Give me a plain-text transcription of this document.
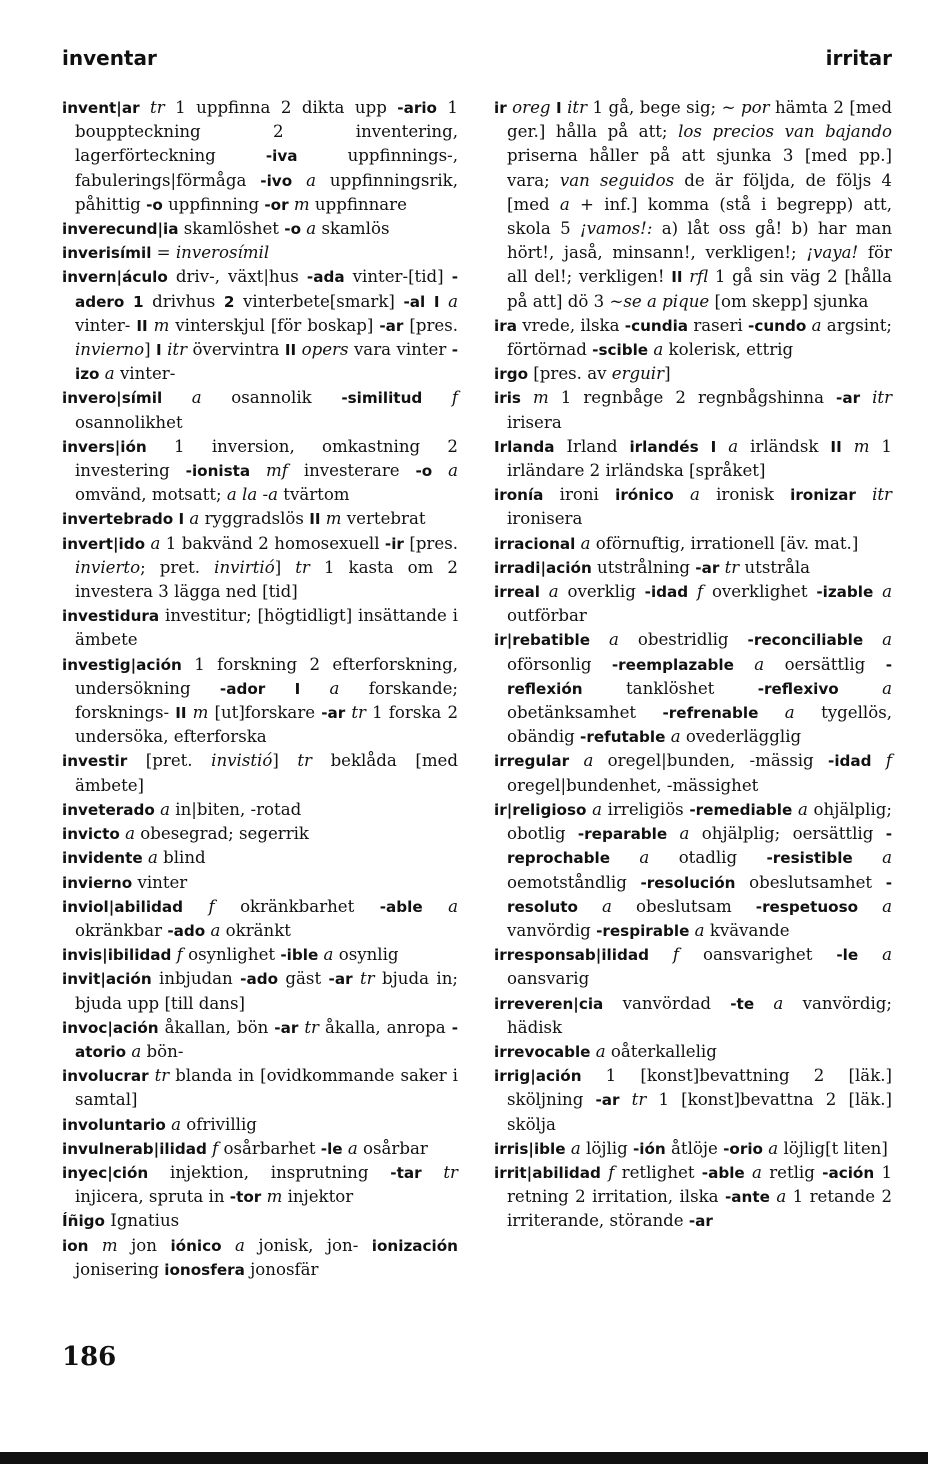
inventar	irritar

invent|ar tr 1 uppfinna 2 dikta upp -ario 1 bouppteckning 2 inventering, lagerförteckning -iva uppfinnings-, fabulerings|förmåga -ivo a uppfinningsrik, påhittig -o uppfinning -or m uppfinnare

inverecund|ia skamlöshet -o a skamlös

inverisímil = inverosímil

invern|áculo driv-, växt|hus -ada vinter-[tid] -adero 1 drivhus 2 vinterbete[smark] -al I a vinter- II m vinterskjul [för boskap] -ar [pres. invierno] I itr övervintra II opers vara vinter -izo a vinter-

invero|símil a osannolik -similitud f osannolikhet

invers|ión 1 inversion, omkastning 2 investering -ionista mf investerare -o a omvänd, motsatt; a la -a tvärtom

invertebrado I a ryggradslös II m vertebrat

invert|ido a 1 bakvänd 2 homosexuell -ir [pres. invierto; pret. invirtió] tr 1 kasta om 2 investera 3 lägga ned [tid]

investidura investitur; [högtidligt] insättande i ämbete

investig|ación 1 forskning 2 efterforskning, undersökning -ador I a forskande; forsknings- II m [ut]forskare -ar tr 1 forska 2 undersöka, efterforska

investir [pret. invistió] tr beklåda [med ämbete]

inveterado a in|biten, -rotad

invicto a obesegrad; segerrik

invidente a blind

invierno vinter

inviol|abilidad f okränkbarhet -able a okränkbar -ado a okränkt

invis|ibilidad f osynlighet -ible a osynlig

invit|ación inbjudan -ado gäst -ar tr bjuda in; bjuda upp [till dans]

invoc|ación åkallan, bön -ar tr åkalla, anropa -atorio a bön-

involucrar tr blanda in [ovidkommande saker i samtal]

involuntario a ofrivillig

invulnerab|ilidad f osårbarhet -le a osårbar

inyec|ción injektion, insprutning -tar tr injicera, spruta in -tor m injektor

Íñigo Ignatius

ion m jon iónico a jonisk, jon- ionización jonisering ionosfera jonosfär

ir oreg I itr 1 gå, bege sig; ~ por hämta 2 [med ger.] hålla på att; los precios van bajando priserna håller på att sjunka 3 [med pp.] vara; van seguidos de är följda, de följs 4 [med a + inf.] komma (stå i begrepp) att, skola 5 ¡vamos!: a) låt oss gå! b) har man hört!, jaså, minsann!, verkligen!; ¡vaya! för all del!; verkligen! II rfl 1 gå sin väg 2 [hålla på att] dö 3 ~se a pique [om skepp] sjunka

ira vrede, ilska -cundia raseri -cundo a argsint; förtörnad -scible a kolerisk, ettrig

irgo [pres. av erguir]

iris m 1 regnbåge 2 regnbågshinna -ar itr irisera

Irlanda Irland irlandés I a irländsk II m 1 irländare 2 irländska [språket]

ironía ironi irónico a ironisk ironizar itr ironisera

irracional a oförnuftig, irrationell [äv. mat.]

irradi|ación utstrålning -ar tr utstråla

irreal a overklig -idad f overklighet -izable a outförbar

ir|rebatible a obestridlig -reconciliable a oförsonlig -reemplazable a oersättlig -reflexión tanklöshet -reflexivo a obetänksamhet -refrenable a tygellös, obändig -refutable a ovederlägglig

irregular a oregel|bunden, -mässig -idad f oregel|bundenhet, -mässighet

ir|religioso a irreligiös -remediable a ohjälplig; obotlig -reparable a ohjälplig; oersättlig -reprochable a otadlig -resistible a oemotståndlig -resolución obeslutsamhet -resoluto a obeslutsam -respetuoso a vanvördig -respirable a kvävande

irresponsab|ilidad f oansvarighet -le a oansvarig

irreveren|cia vanvördad -te a vanvördig; hädisk

irrevocable a oåterkallelig

irrig|ación 1 [konst]bevattning 2 [läk.] sköljning -ar tr 1 [konst]bevattna 2 [läk.] skölja

irris|ible a löjlig -ión åtlöje -orio a löjlig[t liten]

irrit|abilidad f retlighet -able a retlig -ación 1 retning 2 irritation, ilska -ante a 1 retande 2 irriterande, störande -ar

186
